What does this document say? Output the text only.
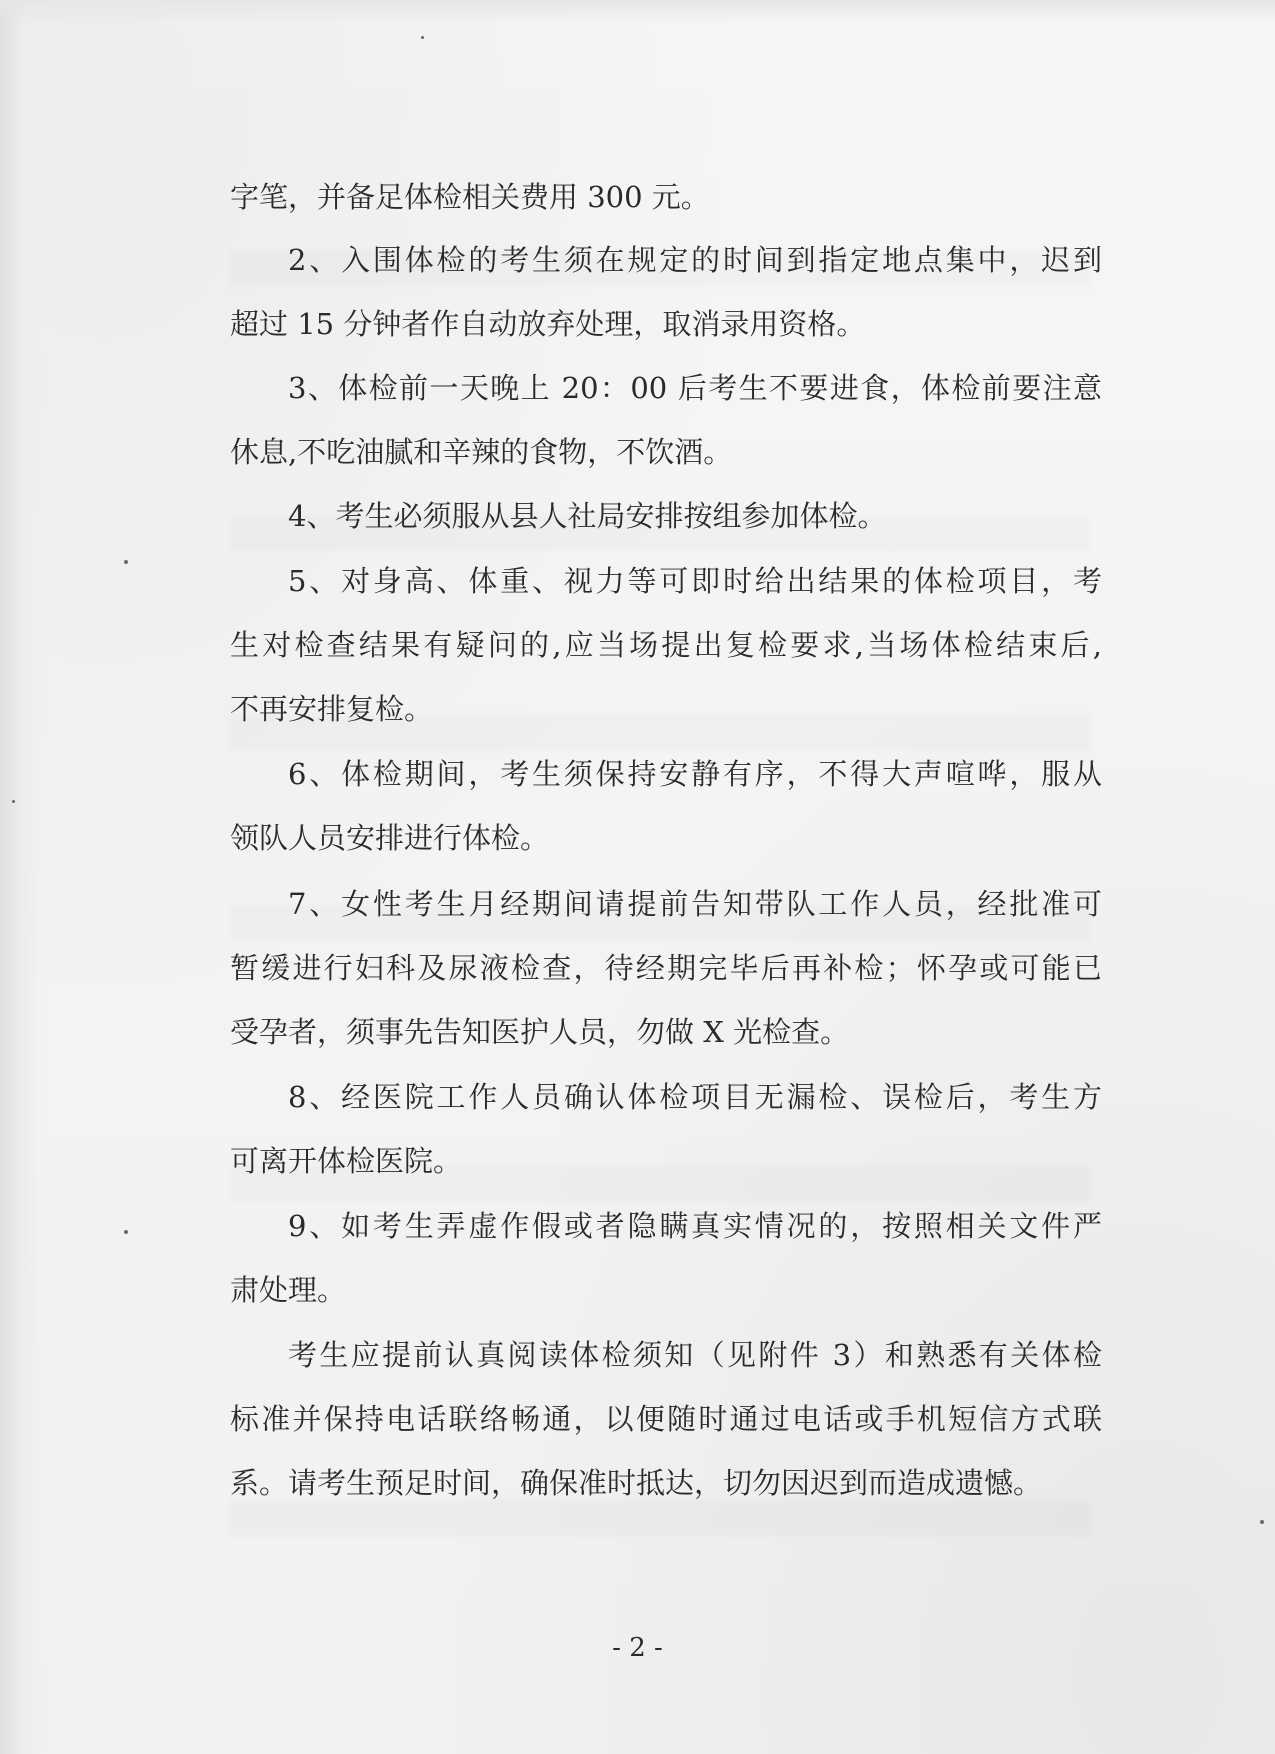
字笔，并备足体检相关费用 300 元。
2、入围体检的考生须在规定的时间到指定地点集中，迟到
超过 15 分钟者作自动放弃处理，取消录用资格。
3、体检前一天晚上 20：00 后考生不要进食，体检前要注意
休息,不吃油腻和辛辣的食物，不饮酒。
4、考生必须服从县人社局安排按组参加体检。
5、对身高、体重、视力等可即时给出结果的体检项目，考
生对检查结果有疑问的,应当场提出复检要求,当场体检结束后,
不再安排复检。
6、体检期间，考生须保持安静有序，不得大声喧哗，服从
领队人员安排进行体检。
7、女性考生月经期间请提前告知带队工作人员，经批准可
暂缓进行妇科及尿液检查，待经期完毕后再补检；怀孕或可能已
受孕者，须事先告知医护人员，勿做 X 光检查。
8、经医院工作人员确认体检项目无漏检、误检后，考生方
可离开体检医院。
9、如考生弄虚作假或者隐瞒真实情况的，按照相关文件严
肃处理。
考生应提前认真阅读体检须知（见附件 3）和熟悉有关体检
标准并保持电话联络畅通，以便随时通过电话或手机短信方式联
系。请考生预足时间，确保准时抵达，切勿因迟到而造成遗憾。
- 2 -
